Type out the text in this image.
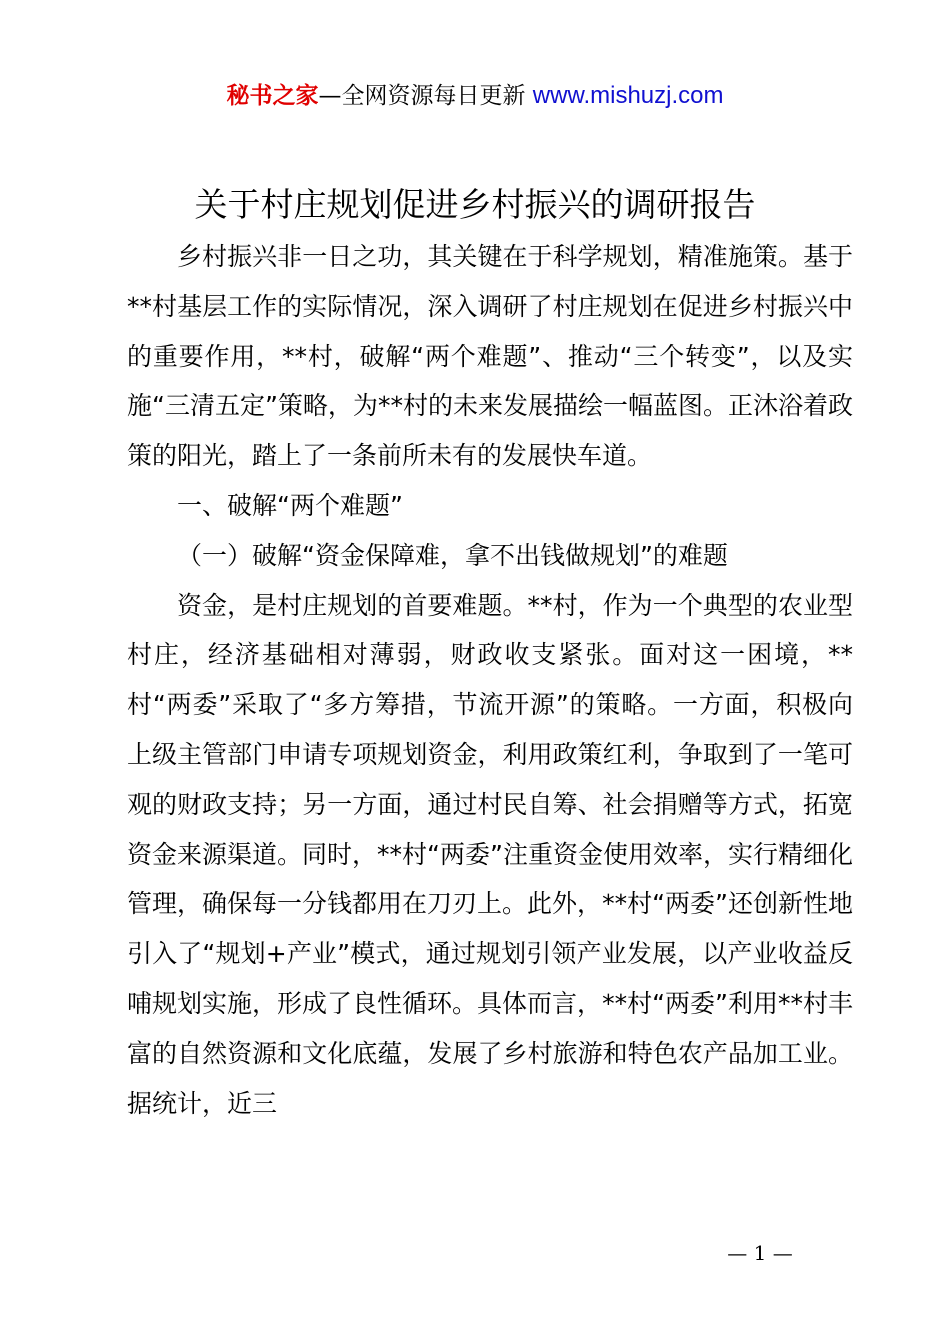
秘书之家—全网资源每日更新 www.mishuzj.com
关于村庄规划促进乡村振兴的调研报告

乡村振兴非一日之功，其关键在于科学规划，精准施策。基于**村基层工作的实际情况，深入调研了村庄规划在促进乡村振兴中的重要作用，**村，破解“两个难题”、推动“三个转变”，以及实施“三清五定”策略，为**村的未来发展描绘一幅蓝图。正沐浴着政策的阳光，踏上了一条前所未有的发展快车道。

一、破解“两个难题”

（一）破解“资金保障难，拿不出钱做规划”的难题

资金，是村庄规划的首要难题。**村，作为一个典型的农业型村庄，经济基础相对薄弱，财政收支紧张。面对这一困境，**村“两委”采取了“多方筹措，节流开源”的策略。一方面，积极向上级主管部门申请专项规划资金，利用政策红利，争取到了一笔可观的财政支持；另一方面，通过村民自筹、社会捐赠等方式，拓宽资金来源渠道。同时，**村“两委”注重资金使用效率，实行精细化管理，确保每一分钱都用在刀刃上。此外，**村“两委”还创新性地引入了“规划+产业”模式，通过规划引领产业发展，以产业收益反哺规划实施，形成了良性循环。具体而言，**村“两委”利用**村丰富的自然资源和文化底蕴，发展了乡村旅游和特色农产品加工业。据统计，近三

— 1 —
